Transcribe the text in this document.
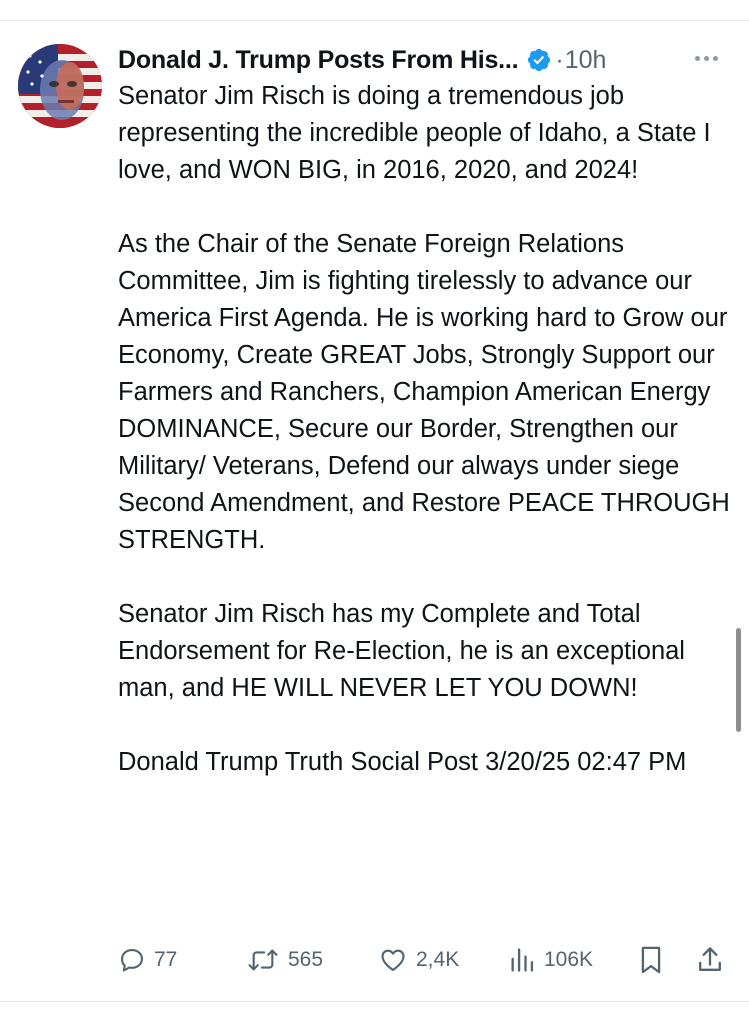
Donald J. Trump Posts From His... · 10h

Senator Jim Risch is doing a tremendous job representing the incredible people of Idaho, a State I love, and WON BIG, in 2016, 2020, and 2024!

As the Chair of the Senate Foreign Relations Committee, Jim is fighting tirelessly to advance our America First Agenda. He is working hard to Grow our Economy, Create GREAT Jobs, Strongly Support our Farmers and Ranchers, Champion American Energy DOMINANCE, Secure our Border, Strengthen our Military/ Veterans, Defend our always under siege Second Amendment, and Restore PEACE THROUGH STRENGTH.

Senator Jim Risch has my Complete and Total Endorsement for Re-Election, he is an exceptional man, and HE WILL NEVER LET YOU DOWN!

Donald Trump Truth Social Post 3/20/25 02:47 PM

77	565	2,4K	106K
